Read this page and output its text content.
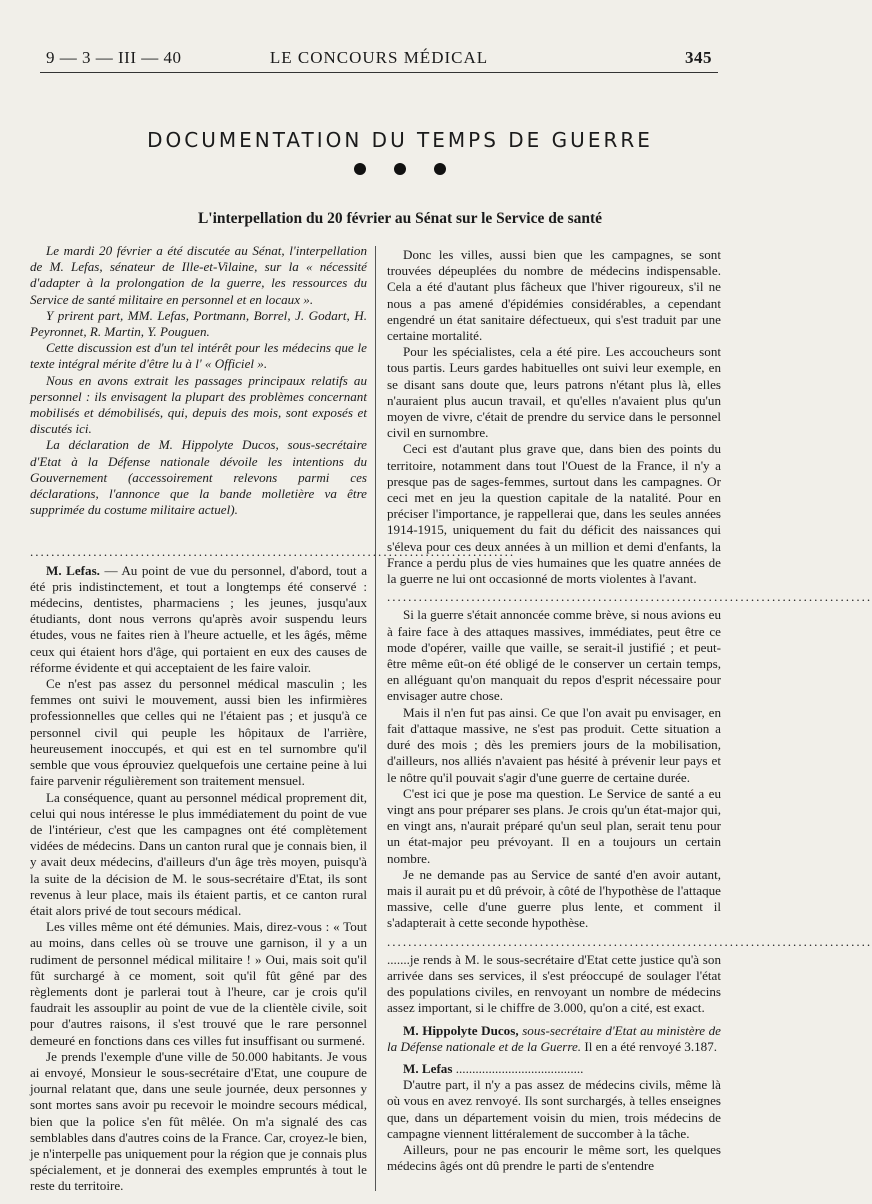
9 — 3 — III — 40	LE CONCOURS MÉDICAL	345
DOCUMENTATION DU TEMPS DE GUERRE
L'interpellation du 20 février au Sénat sur le Service de santé

Le mardi 20 février a été discutée au Sénat, l'interpellation de M. Lefas, sénateur de Ille-et-Vilaine, sur la « nécessité d'adapter à la prolongation de la guerre, les ressources du Service de santé militaire en personnel et en locaux ».

Y prirent part, MM. Lefas, Portmann, Borrel, J. Godart, H. Peyronnet, R. Martin, Y. Pouguen.

Cette discussion est d'un tel intérêt pour les médecins que le texte intégral mérite d'être lu à l' « Officiel ».

Nous en avons extrait les passages principaux relatifs au personnel : ils envisagent la plupart des problèmes concernant mobilisés et démobilisés, qui, depuis des mois, sont exposés et discutés ici.

La déclaration de M. Hippolyte Ducos, sous-secrétaire d'Etat à la Défense nationale dévoile les intentions du Gouvernement (accessoirement relevons parmi ces déclarations, l'annonce que la bande molletière va être supprimée du costume militaire actuel).

............................................................................................

M. Lefas. — Au point de vue du personnel, d'abord, tout a été pris indistinctement, et tout a longtemps été conservé : médecins, dentistes, pharmaciens ; les jeunes, jusqu'aux étudiants, dont nous verrons qu'après avoir suspendu leurs études, vous ne faites rien à l'heure actuelle, et les âgés, même ceux qui étaient hors d'âge, qui portaient en eux des causes de réforme évidente et qui acceptaient de les faire valoir.

Ce n'est pas assez du personnel médical masculin ; les femmes ont suivi le mouvement, aussi bien les infirmières professionnelles que celles qui ne l'étaient pas ; et jusqu'à ce personnel civil qui peuple les hôpitaux de l'arrière, heureusement inoccupés, et qui est en tel surnombre qu'il semble que vous éprouviez quelquefois une certaine peine à lui faire parvenir régulièrement son traitement mensuel.

La conséquence, quant au personnel médical proprement dit, celui qui nous intéresse le plus immédiatement du point de vue de l'intérieur, c'est que les campagnes ont été complètement vidées de médecins. Dans un canton rural que je connais bien, il y avait deux médecins, d'ailleurs d'un âge très moyen, puisqu'à la suite de la décision de M. le sous-secrétaire d'Etat, ils sont revenus à leur place, mais ils étaient partis, et ce canton rural était alors privé de tout secours médical.

Les villes même ont été démunies. Mais, direz-vous : « Tout au moins, dans celles où se trouve une garnison, il y a un rudiment de personnel médical militaire ! » Oui, mais soit qu'il fût surchargé à ce moment, soit qu'il fût gêné par des règlements dont je parlerai tout à l'heure, car je crois qu'il faudrait les assouplir au point de vue de la clientèle civile, soit pour d'autres raisons, il s'est trouvé que le rare personnel demeuré en fonctions dans ces villes fut insuffisant ou surmené.

Je prends l'exemple d'une ville de 50.000 habitants. Je vous ai envoyé, Monsieur le sous-secrétaire d'Etat, une coupure de journal relatant que, dans une seule journée, deux personnes y sont mortes sans avoir pu recevoir le moindre secours médical, bien que la police s'en fût mêlée. On m'a signalé des cas semblables dans d'autres coins de la France. Car, croyez-le bien, je n'interpelle pas uniquement pour la région que je connais plus spécialement, et je donnerai des exemples empruntés à tout le reste du territoire.

Donc les villes, aussi bien que les campagnes, se sont trouvées dépeuplées du nombre de médecins indispensable. Cela a été d'autant plus fâcheux que l'hiver rigoureux, s'il ne nous a pas amené d'épidémies considérables, a cependant engendré un état sanitaire défectueux, qui s'est traduit par une certaine mortalité.

Pour les spécialistes, cela a été pire. Les accoucheurs sont tous partis. Leurs gardes habituelles ont suivi leur exemple, en se disant sans doute que, leurs patrons n'étant plus là, elles n'auraient plus aucun travail, et qu'elles n'avaient plus qu'un moyen de vivre, c'était de prendre du service dans le personnel civil en surnombre.

Ceci est d'autant plus grave que, dans bien des points du territoire, notamment dans tout l'Ouest de la France, il n'y a presque pas de sages-femmes, surtout dans les campagnes. Or ceci met en jeu la question capitale de la natalité. Pour en préciser l'importance, je rappellerai que, dans les seules années 1914-1915, uniquement du fait du déficit des naissances qui s'éleva pour ces deux années à un million et demi d'enfants, la France a perdu plus de vies humaines que les quatre années de la guerre ne lui ont occasionné de morts violentes à l'avant.

............................................................................................

Si la guerre s'était annoncée comme brève, si nous avions eu à faire face à des attaques massives, immédiates, peut être ce mode d'opérer, vaille que vaille, se serait-il justifié ; et peut-être même eût-on été obligé de le conserver un certain temps, en alléguant qu'on manquait du repos d'esprit nécessaire pour envisager autre chose.

Mais il n'en fut pas ainsi. Ce que l'on avait pu envisager, en fait d'attaque massive, ne s'est pas produit. Cette situation a duré des mois ; dès les premiers jours de la mobilisation, d'ailleurs, nos alliés n'avaient pas hésité à prévenir leur pays et le nôtre qu'il pouvait s'agir d'une guerre de certaine durée.

C'est ici que je pose ma question. Le Service de santé a eu vingt ans pour préparer ses plans. Je crois qu'un état-major qui, en vingt ans, n'aurait préparé qu'un seul plan, serait tenu pour un état-major peu prévoyant. Il en a toujours un certain nombre.

Je ne demande pas au Service de santé d'en avoir autant, mais il aurait pu et dû prévoir, à côté de l'hypothèse de l'attaque massive, celle d'une guerre plus lente, et comment il s'adapterait à cette seconde hypothèse.

............................................................................................

.......je rends à M. le sous-secrétaire d'Etat cette justice qu'à son arrivée dans ses services, il s'est préoccupé de soulager l'état des populations civiles, en renvoyant un nombre de médecins assez important, si le chiffre de 3.000, qu'on a cité, est exact.

M. Hippolyte Ducos, sous-secrétaire d'Etat au ministère de la Défense nationale et de la Guerre. Il en a été renvoyé 3.187.

M. Lefas .......................................

D'autre part, il n'y a pas assez de médecins civils, même là où vous en avez renvoyé. Ils sont surchargés, à telles enseignes que, dans un département voisin du mien, trois médecins de campagne viennent littéralement de succomber à la tâche.

Ailleurs, pour ne pas encourir le même sort, les quelques médecins âgés ont dû prendre le parti de s'entendre
